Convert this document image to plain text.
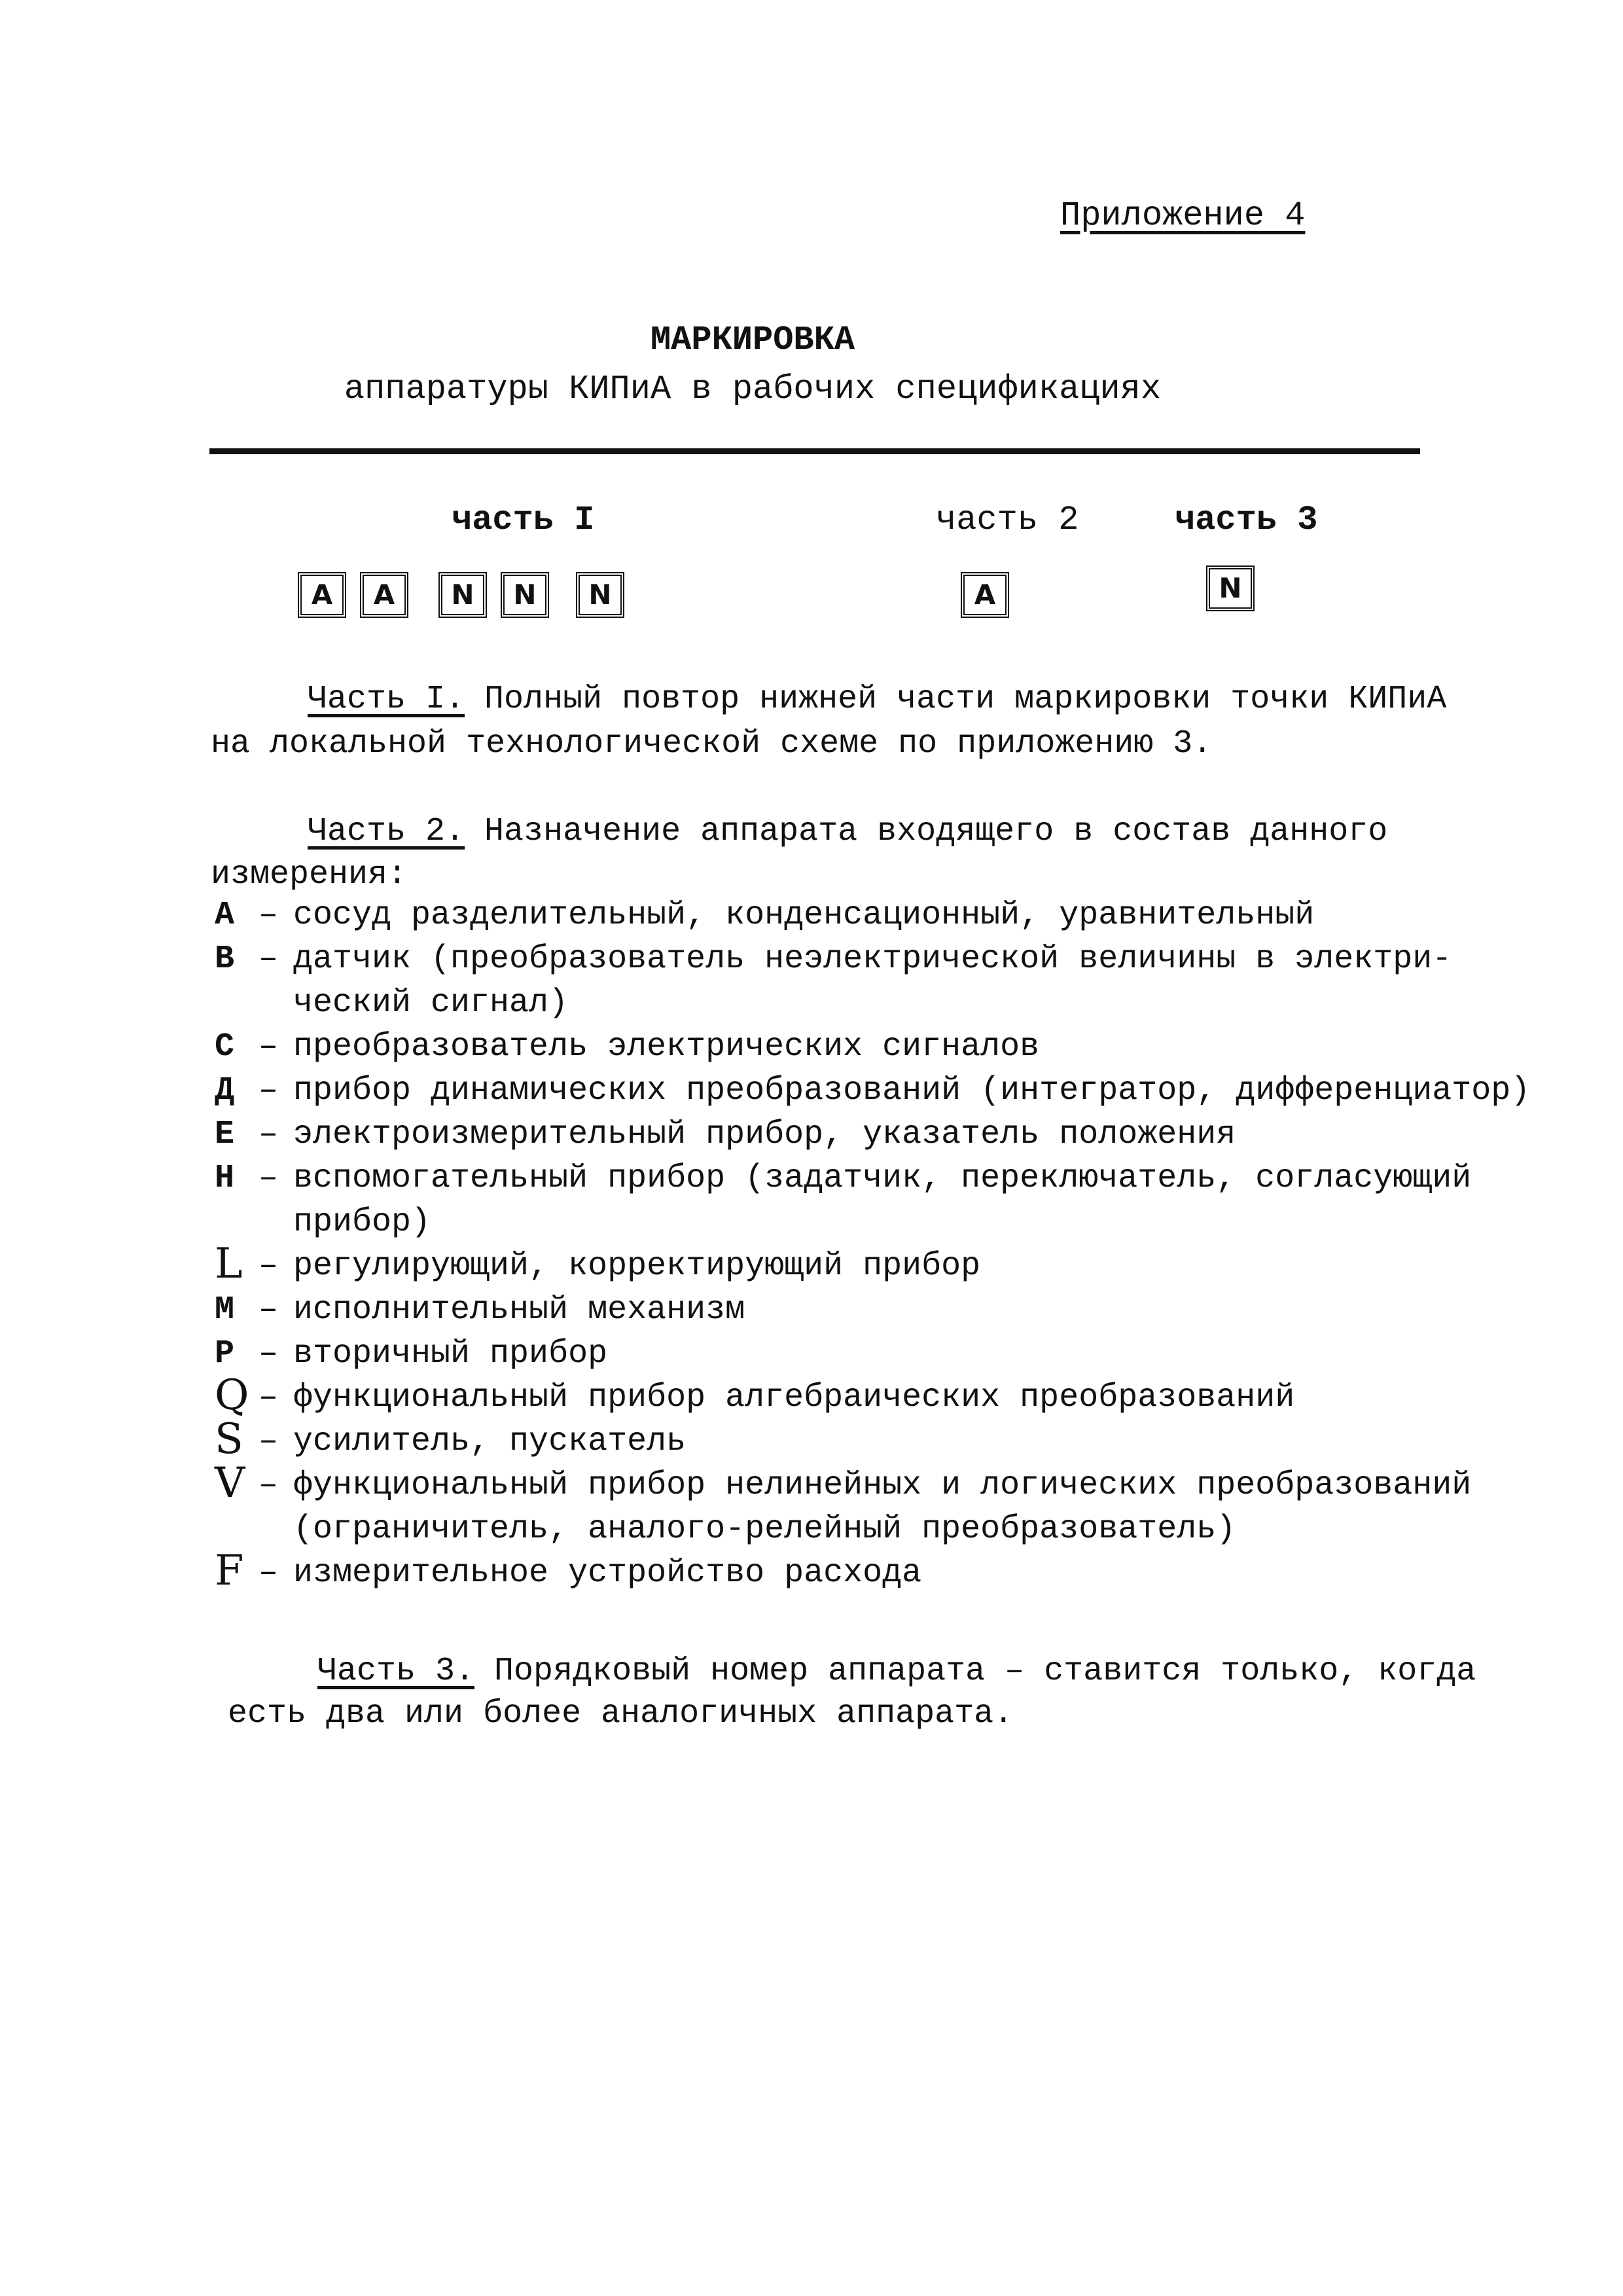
Приложение 4
МАРКИРОВКА
аппаратуры КИПиА в рабочих спецификациях
часть I	часть 2	часть 3
A	A	N	N	N	A	N
Часть I. Полный повтор нижней части маркировки точки КИПиА
на локальной технологической схеме по приложению 3.
Часть 2. Назначение аппарата входящего в состав данного
измерения:
А – сосуд разделительный, конденсационный, уравнительный
В – датчик (преобразователь неэлектрической величины в электри-
ческий сигнал)
С – преобразователь электрических сигналов
Д – прибор динамических преобразований (интегратор, дифференциатор)
Е – электроизмерительный прибор, указатель положения
Н – вспомогательный прибор (задатчик, переключатель, согласующий
прибор)
L – регулирующий, корректирующий прибор
М – исполнительный механизм
Р – вторичный прибор
Q – функциональный прибор алгебраических преобразований
S – усилитель, пускатель
V – функциональный прибор нелинейных и логических преобразований
(ограничитель, аналого-релейный преобразователь)
F – измерительное устройство расхода
Часть 3. Порядковый номер аппарата – ставится только, когда
есть два или более аналогичных аппарата.
